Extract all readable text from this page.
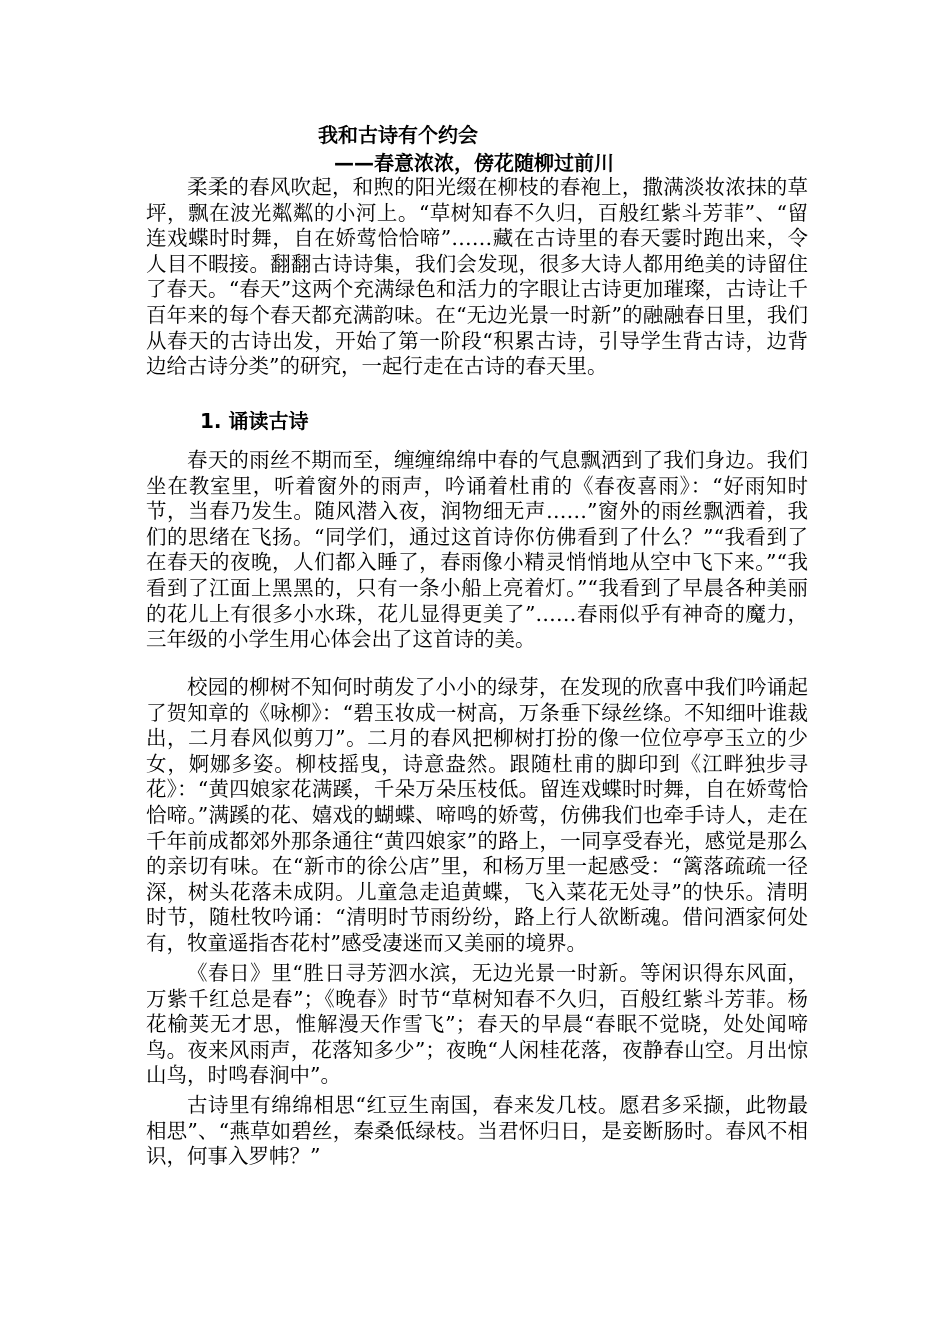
我和古诗有个约会
——春意浓浓，傍花随柳过前川

柔柔的春风吹起，和煦的阳光缀在柳枝的春袍上，撒满淡妆浓抹的草坪，飘在波光粼粼的小河上。“草树知春不久归，百般红紫斗芳菲”、“留连戏蝶时时舞，自在娇莺恰恰啼”……藏在古诗里的春天霎时跑出来，令人目不暇接。翻翻古诗诗集，我们会发现，很多大诗人都用绝美的诗留住了春天。“春天”这两个充满绿色和活力的字眼让古诗更加璀璨，古诗让千百年来的每个春天都充满韵味。在“无边光景一时新”的融融春日里，我们从春天的古诗出发，开始了第一阶段“积累古诗，引导学生背古诗，边背边给古诗分类”的研究，一起行走在古诗的春天里。

1. 诵读古诗

春天的雨丝不期而至，缠缠绵绵中春的气息飘洒到了我们身边。我们坐在教室里，听着窗外的雨声，吟诵着杜甫的《春夜喜雨》：“好雨知时节，当春乃发生。随风潜入夜，润物细无声……”窗外的雨丝飘洒着，我们的思绪在飞扬。“同学们，通过这首诗你仿佛看到了什么？”“我看到了在春天的夜晚，人们都入睡了，春雨像小精灵悄悄地从空中飞下来。”“我看到了江面上黑黑的，只有一条小船上亮着灯。”“我看到了早晨各种美丽的花儿上有很多小水珠，花儿显得更美了”……春雨似乎有神奇的魔力，三年级的小学生用心体会出了这首诗的美。

校园的柳树不知何时萌发了小小的绿芽，在发现的欣喜中我们吟诵起了贺知章的《咏柳》：“碧玉妆成一树高，万条垂下绿丝绦。不知细叶谁裁出，二月春风似剪刀”。二月的春风把柳树打扮的像一位位亭亭玉立的少女，婀娜多姿。柳枝摇曳，诗意盎然。跟随杜甫的脚印到《江畔独步寻花》：“黄四娘家花满蹊，千朵万朵压枝低。留连戏蝶时时舞，自在娇莺恰恰啼。”满蹊的花、嬉戏的蝴蝶、啼鸣的娇莺，仿佛我们也牵手诗人，走在千年前成都郊外那条通往“黄四娘家”的路上，一同享受春光，感觉是那么的亲切有味。在“新市的徐公店”里，和杨万里一起感受：“篱落疏疏一径深，树头花落未成阴。儿童急走追黄蝶，飞入菜花无处寻”的快乐。清明时节，随杜牧吟诵：“清明时节雨纷纷，路上行人欲断魂。借问酒家何处有，牧童遥指杏花村”感受凄迷而又美丽的境界。

《春日》里“胜日寻芳泗水滨，无边光景一时新。等闲识得东风面，万紫千红总是春”；《晚春》时节“草树知春不久归，百般红紫斗芳菲。杨花榆荚无才思，惟解漫天作雪飞”；春天的早晨“春眠不觉晓，处处闻啼鸟。夜来风雨声，花落知多少”；夜晚“人闲桂花落，夜静春山空。月出惊山鸟，时鸣春涧中”。

古诗里有绵绵相思“红豆生南国，春来发几枝。愿君多采撷，此物最相思”、“燕草如碧丝，秦桑低绿枝。当君怀归日，是妾断肠时。春风不相识，何事入罗帏？”
